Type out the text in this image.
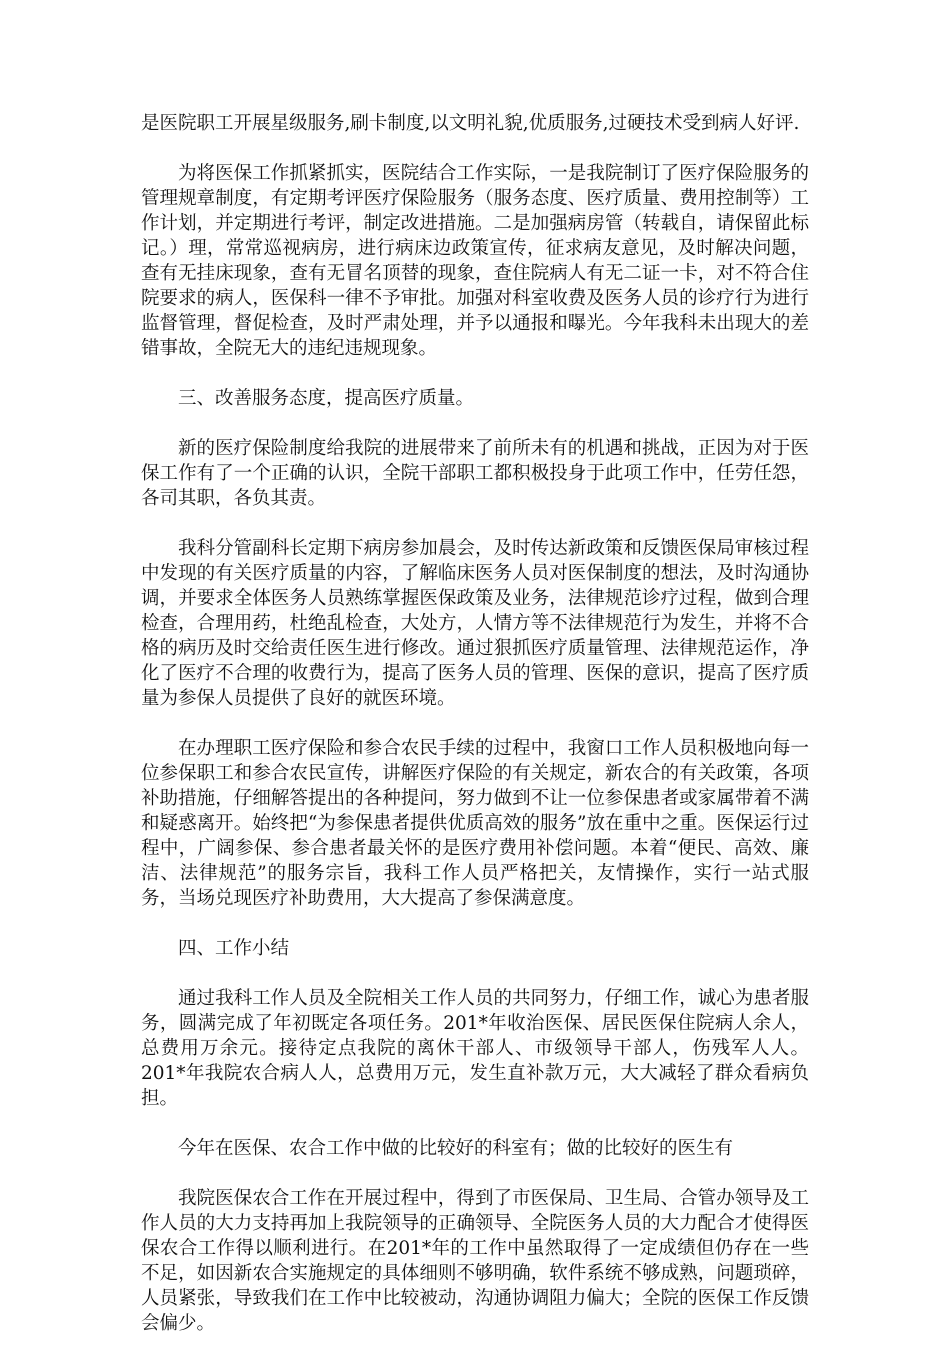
是医院职工开展星级服务,刷卡制度,以文明礼貌,优质服务,过硬技术受到病人好评.

为将医保工作抓紧抓实，医院结合工作实际，一是我院制订了医疗保险服务的管理规章制度，有定期考评医疗保险服务（服务态度、医疗质量、费用控制等）工作计划，并定期进行考评，制定改进措施。二是加强病房管（转载自，请保留此标记。）理，常常巡视病房，进行病床边政策宣传，征求病友意见，及时解决问题，查有无挂床现象，查有无冒名顶替的现象，查住院病人有无二证一卡，对不符合住院要求的病人，医保科一律不予审批。加强对科室收费及医务人员的诊疗行为进行监督管理，督促检查，及时严肃处理，并予以通报和曝光。今年我科未出现大的差错事故，全院无大的违纪违规现象。

三、改善服务态度，提高医疗质量。

新的医疗保险制度给我院的进展带来了前所未有的机遇和挑战，正因为对于医保工作有了一个正确的认识，全院干部职工都积极投身于此项工作中，任劳任怨，各司其职，各负其责。

我科分管副科长定期下病房参加晨会，及时传达新政策和反馈医保局审核过程中发现的有关医疗质量的内容，了解临床医务人员对医保制度的想法，及时沟通协调，并要求全体医务人员熟练掌握医保政策及业务，法律规范诊疗过程，做到合理检查，合理用药，杜绝乱检查，大处方，人情方等不法律规范行为发生，并将不合格的病历及时交给责任医生进行修改。通过狠抓医疗质量管理、法律规范运作，净化了医疗不合理的收费行为，提高了医务人员的管理、医保的意识，提高了医疗质量为参保人员提供了良好的就医环境。

在办理职工医疗保险和参合农民手续的过程中，我窗口工作人员积极地向每一位参保职工和参合农民宣传，讲解医疗保险的有关规定，新农合的有关政策，各项补助措施，仔细解答提出的各种提问，努力做到不让一位参保患者或家属带着不满和疑惑离开。始终把“为参保患者提供优质高效的服务”放在重中之重。医保运行过程中，广阔参保、参合患者最关怀的是医疗费用补偿问题。本着“便民、高效、廉洁、法律规范”的服务宗旨，我科工作人员严格把关，友情操作，实行一站式服务，当场兑现医疗补助费用，大大提高了参保满意度。

四、工作小结

通过我科工作人员及全院相关工作人员的共同努力，仔细工作，诚心为患者服务，圆满完成了年初既定各项任务。201*年收治医保、居民医保住院病人余人，总费用万余元。接待定点我院的离休干部人、市级领导干部人，伤残军人人。201*年我院农合病人人，总费用万元，发生直补款万元，大大减轻了群众看病负担。

今年在医保、农合工作中做的比较好的科室有；做的比较好的医生有

我院医保农合工作在开展过程中，得到了市医保局、卫生局、合管办领导及工作人员的大力支持再加上我院领导的正确领导、全院医务人员的大力配合才使得医保农合工作得以顺利进行。在201*年的工作中虽然取得了一定成绩但仍存在一些不足，如因新农合实施规定的具体细则不够明确，软件系统不够成熟，问题琐碎，人员紧张，导致我们在工作中比较被动，沟通协调阻力偏大；全院的医保工作反馈会偏少。
